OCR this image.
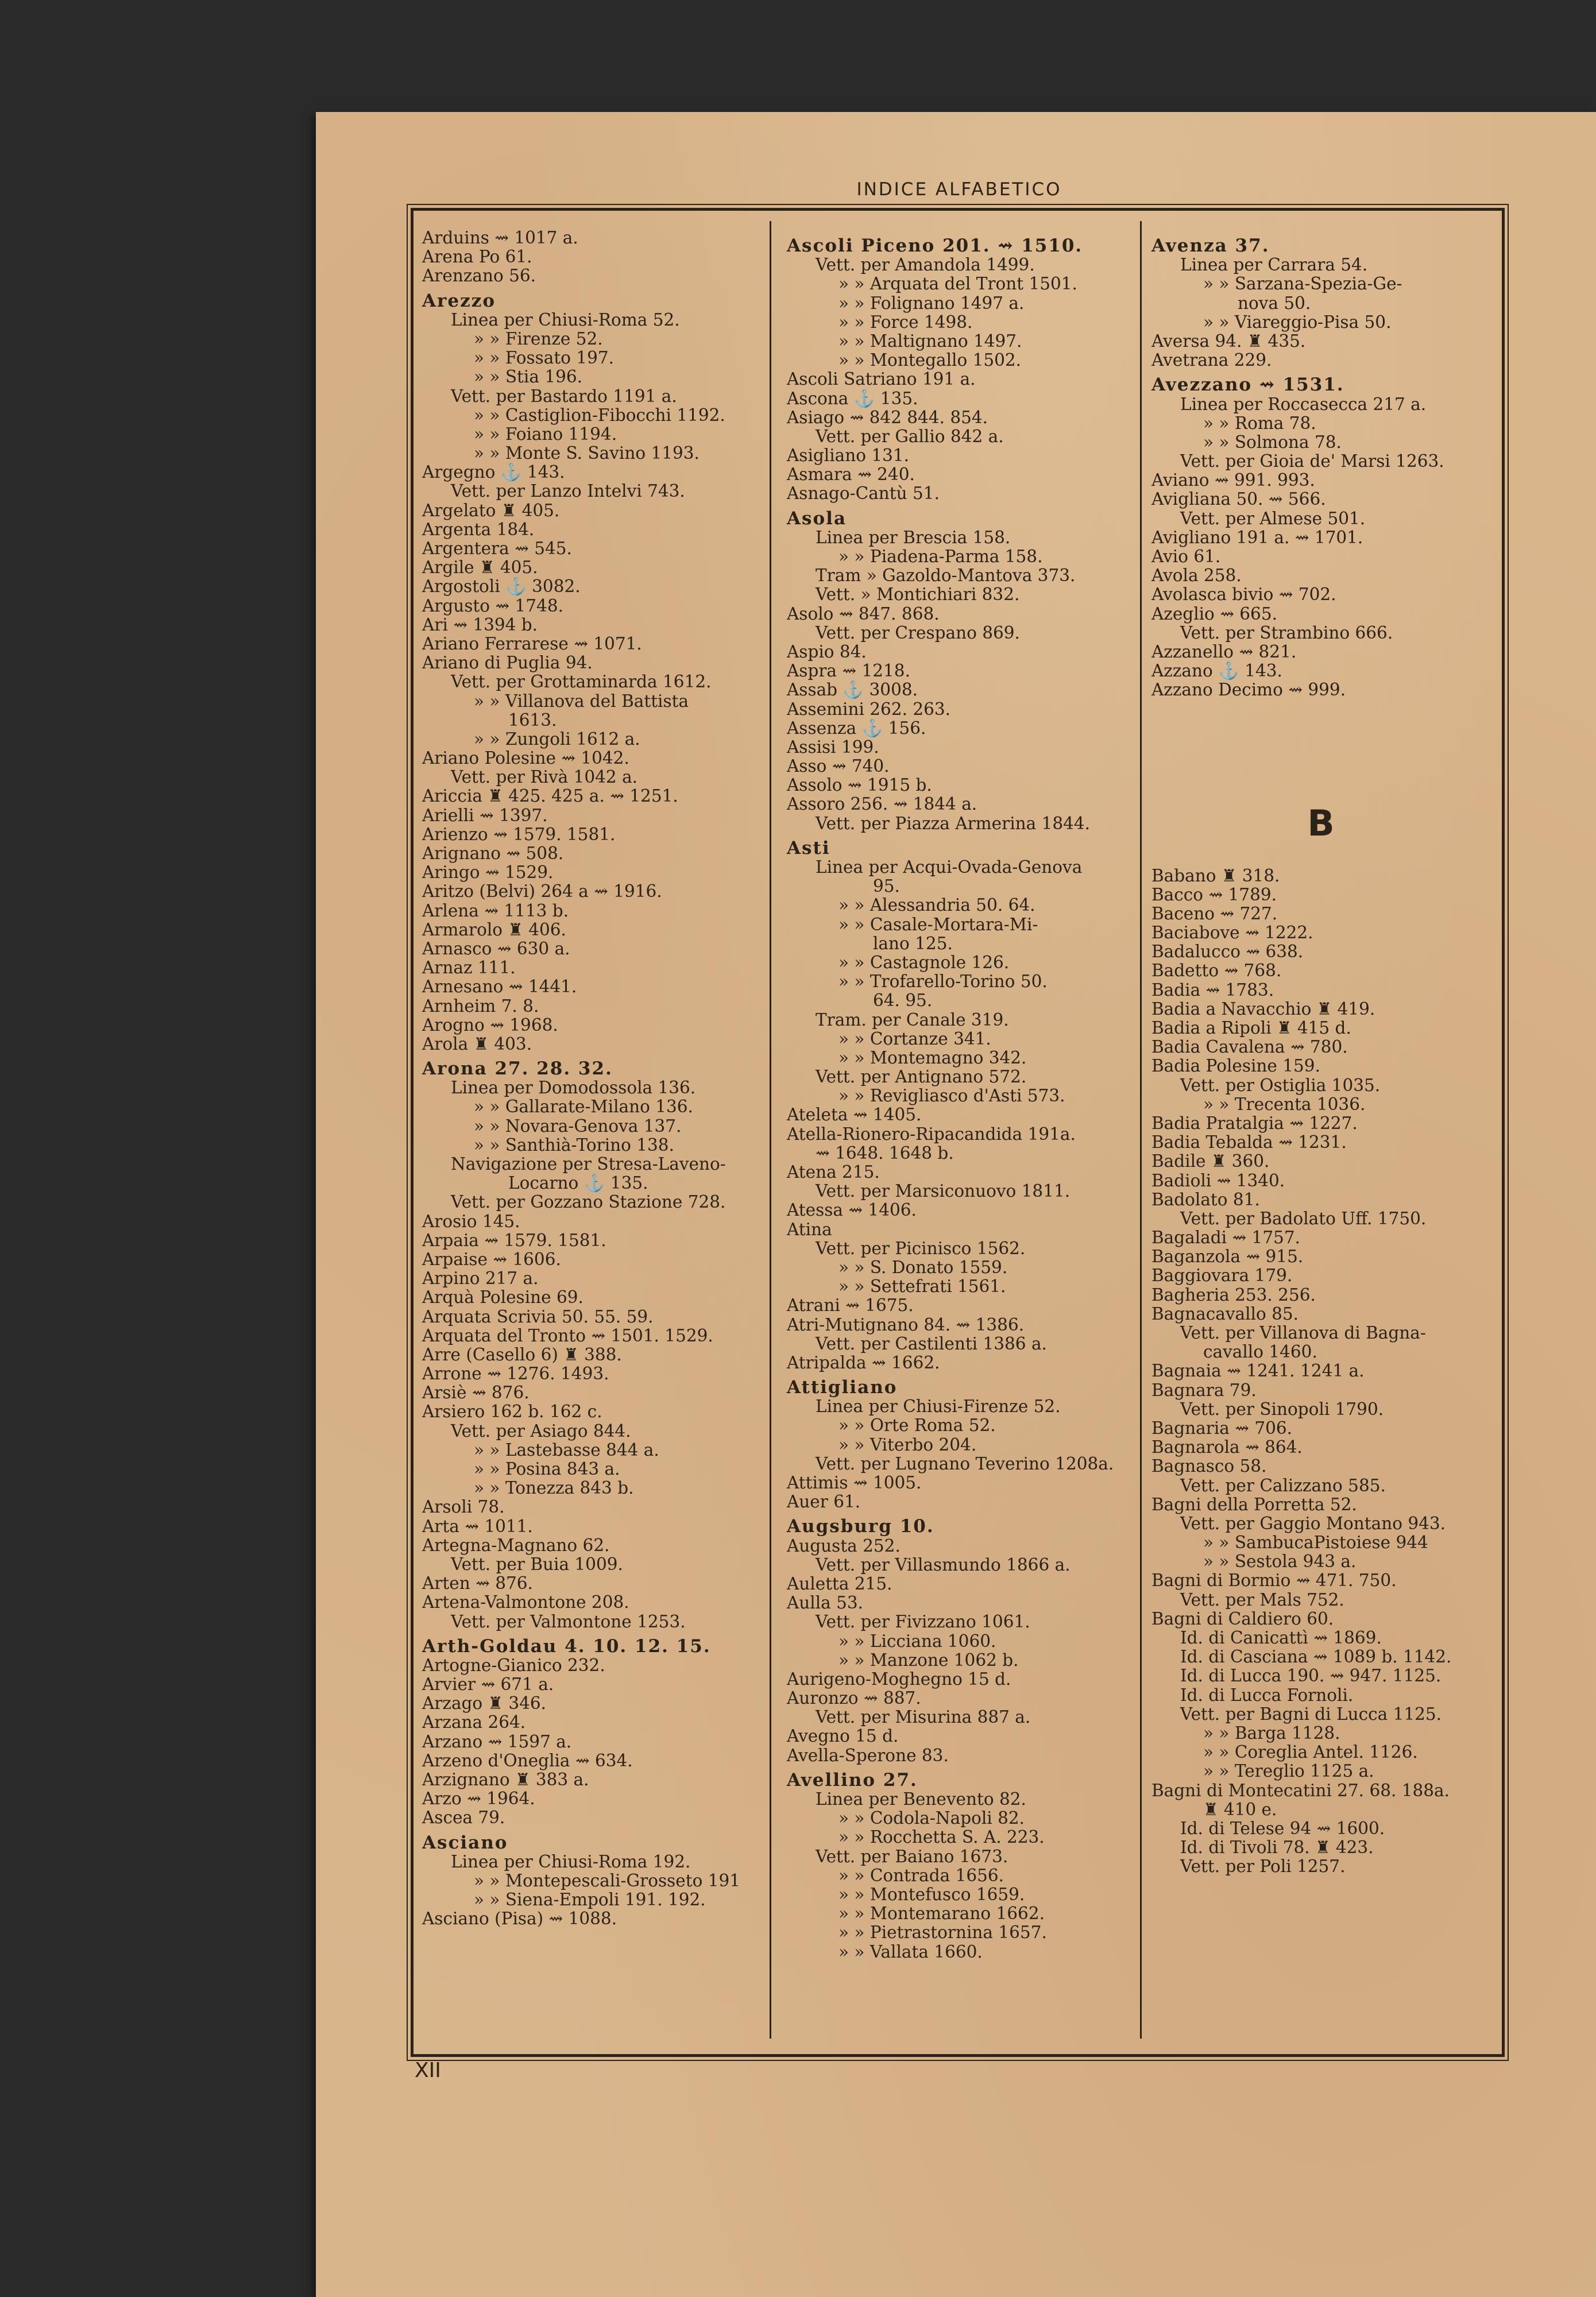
INDICE ALFABETICO
Arduins ⇝ 1017 a.
Arena Po 61.
Arenzano 56.
Arezzo
Linea per Chiusi-Roma 52.
» » Firenze 52.
» » Fossato 197.
» » Stia 196.
Vett. per Bastardo 1191 a.
» » Castiglion-Fibocchi 1192.
» » Foiano 1194.
» » Monte S. Savino 1193.
Argegno ⚓ 143.
Vett. per Lanzo Intelvi 743.
Argelato ♜ 405.
Argenta 184.
Argentera ⇝ 545.
Argile ♜ 405.
Argostoli ⚓ 3082.
Argusto ⇝ 1748.
Ari ⇝ 1394 b.
Ariano Ferrarese ⇝ 1071.
Ariano di Puglia 94.
Vett. per Grottaminarda 1612.
» » Villanova del Battista
1613.
» » Zungoli 1612 a.
Ariano Polesine ⇝ 1042.
Vett. per Rivà 1042 a.
Ariccia ♜ 425. 425 a. ⇝ 1251.
Arielli ⇝ 1397.
Arienzo ⇝ 1579. 1581.
Arignano ⇝ 508.
Aringo ⇝ 1529.
Aritzo (Belvi) 264 a ⇝ 1916.
Arlena ⇝ 1113 b.
Armarolo ♜ 406.
Arnasco ⇝ 630 a.
Arnaz 111.
Arnesano ⇝ 1441.
Arnheim 7. 8.
Arogno ⇝ 1968.
Arola ♜ 403.
Arona 27. 28. 32.
Linea per Domodossola 136.
» » Gallarate-Milano 136.
» » Novara-Genova 137.
» » Santhià-Torino 138.
Navigazione per Stresa-Laveno-
Locarno ⚓ 135.
Vett. per Gozzano Stazione 728.
Arosio 145.
Arpaia ⇝ 1579. 1581.
Arpaise ⇝ 1606.
Arpino 217 a.
Arquà Polesine 69.
Arquata Scrivia 50. 55. 59.
Arquata del Tronto ⇝ 1501. 1529.
Arre (Casello 6) ♜ 388.
Arrone ⇝ 1276. 1493.
Arsiè ⇝ 876.
Arsiero 162 b. 162 c.
Vett. per Asiago 844.
» » Lastebasse 844 a.
» » Posina 843 a.
» » Tonezza 843 b.
Arsoli 78.
Arta ⇝ 1011.
Artegna-Magnano 62.
Vett. per Buia 1009.
Arten ⇝ 876.
Artena-Valmontone 208.
Vett. per Valmontone 1253.
Arth-Goldau 4. 10. 12. 15.
Artogne-Gianico 232.
Arvier ⇝ 671 a.
Arzago ♜ 346.
Arzana 264.
Arzano ⇝ 1597 a.
Arzeno d'Oneglia ⇝ 634.
Arzignano ♜ 383 a.
Arzo ⇝ 1964.
Ascea 79.
Asciano
Linea per Chiusi-Roma 192.
» » Montepescali-Grosseto 191
» » Siena-Empoli 191. 192.
Asciano (Pisa) ⇝ 1088.
Ascoli Piceno 201. ⇝ 1510.
Vett. per Amandola 1499.
» » Arquata del Tront 1501.
» » Folignano 1497 a.
» » Force 1498.
» » Maltignano 1497.
» » Montegallo 1502.
Ascoli Satriano 191 a.
Ascona ⚓ 135.
Asiago ⇝ 842 844. 854.
Vett. per Gallio 842 a.
Asigliano 131.
Asmara ⇝ 240.
Asnago-Cantù 51.
Asola
Linea per Brescia 158.
» » Piadena-Parma 158.
Tram » Gazoldo-Mantova 373.
Vett. » Montichiari 832.
Asolo ⇝ 847. 868.
Vett. per Crespano 869.
Aspio 84.
Aspra ⇝ 1218.
Assab ⚓ 3008.
Assemini 262. 263.
Assenza ⚓ 156.
Assisi 199.
Asso ⇝ 740.
Assolo ⇝ 1915 b.
Assoro 256. ⇝ 1844 a.
Vett. per Piazza Armerina 1844.
Asti
Linea per Acqui-Ovada-Genova
95.
» » Alessandria 50. 64.
» » Casale-Mortara-Mi-
lano 125.
» » Castagnole 126.
» » Trofarello-Torino 50.
64. 95.
Tram. per Canale 319.
» » Cortanze 341.
» » Montemagno 342.
Vett. per Antignano 572.
» » Revigliasco d'Asti 573.
Ateleta ⇝ 1405.
Atella-Rionero-Ripacandida 191a.
⇝ 1648. 1648 b.
Atena 215.
Vett. per Marsiconuovo 1811.
Atessa ⇝ 1406.
Atina
Vett. per Picinisco 1562.
» » S. Donato 1559.
» » Settefrati 1561.
Atrani ⇝ 1675.
Atri-Mutignano 84. ⇝ 1386.
Vett. per Castilenti 1386 a.
Atripalda ⇝ 1662.
Attigliano
Linea per Chiusi-Firenze 52.
» » Orte Roma 52.
» » Viterbo 204.
Vett. per Lugnano Teverino 1208a.
Attimis ⇝ 1005.
Auer 61.
Augsburg 10.
Augusta 252.
Vett. per Villasmundo 1866 a.
Auletta 215.
Aulla 53.
Vett. per Fivizzano 1061.
» » Licciana 1060.
» » Manzone 1062 b.
Aurigeno-Moghegno 15 d.
Auronzo ⇝ 887.
Vett. per Misurina 887 a.
Avegno 15 d.
Avella-Sperone 83.
Avellino 27.
Linea per Benevento 82.
» » Codola-Napoli 82.
» » Rocchetta S. A. 223.
Vett. per Baiano 1673.
» » Contrada 1656.
» » Montefusco 1659.
» » Montemarano 1662.
» » Pietrastornina 1657.
» » Vallata 1660.
Avenza 37.
Linea per Carrara 54.
» » Sarzana-Spezia-Ge-
nova 50.
» » Viareggio-Pisa 50.
Aversa 94. ♜ 435.
Avetrana 229.
Avezzano ⇝ 1531.
Linea per Roccasecca 217 a.
» » Roma 78.
» » Solmona 78.
Vett. per Gioia de' Marsi 1263.
Aviano ⇝ 991. 993.
Avigliana 50. ⇝ 566.
Vett. per Almese 501.
Avigliano 191 a. ⇝ 1701.
Avio 61.
Avola 258.
Avolasca bivio ⇝ 702.
Azeglio ⇝ 665.
Vett. per Strambino 666.
Azzanello ⇝ 821.
Azzano ⚓ 143.
Azzano Decimo ⇝ 999.
B
Babano ♜ 318.
Bacco ⇝ 1789.
Baceno ⇝ 727.
Baciabove ⇝ 1222.
Badalucco ⇝ 638.
Badetto ⇝ 768.
Badia ⇝ 1783.
Badia a Navacchio ♜ 419.
Badia a Ripoli ♜ 415 d.
Badia Cavalena ⇝ 780.
Badia Polesine 159.
Vett. per Ostiglia 1035.
» » Trecenta 1036.
Badia Pratalgia ⇝ 1227.
Badia Tebalda ⇝ 1231.
Badile ♜ 360.
Badioli ⇝ 1340.
Badolato 81.
Vett. per Badolato Uff. 1750.
Bagaladi ⇝ 1757.
Baganzola ⇝ 915.
Baggiovara 179.
Bagheria 253. 256.
Bagnacavallo 85.
Vett. per Villanova di Bagna-
cavallo 1460.
Bagnaia ⇝ 1241. 1241 a.
Bagnara 79.
Vett. per Sinopoli 1790.
Bagnaria ⇝ 706.
Bagnarola ⇝ 864.
Bagnasco 58.
Vett. per Calizzano 585.
Bagni della Porretta 52.
Vett. per Gaggio Montano 943.
» » SambucaPistoiese 944
» » Sestola 943 a.
Bagni di Bormio ⇝ 471. 750.
Vett. per Mals 752.
Bagni di Caldiero 60.
Id. di Canicattì ⇝ 1869.
Id. di Casciana ⇝ 1089 b. 1142.
Id. di Lucca 190. ⇝ 947. 1125.
Id. di Lucca Fornoli.
Vett. per Bagni di Lucca 1125.
» » Barga 1128.
» » Coreglia Antel. 1126.
» » Tereglio 1125 a.
Bagni di Montecatini 27. 68. 188a.
♜ 410 e.
Id. di Telese 94 ⇝ 1600.
Id. di Tivoli 78. ♜ 423.
Vett. per Poli 1257.
XII
